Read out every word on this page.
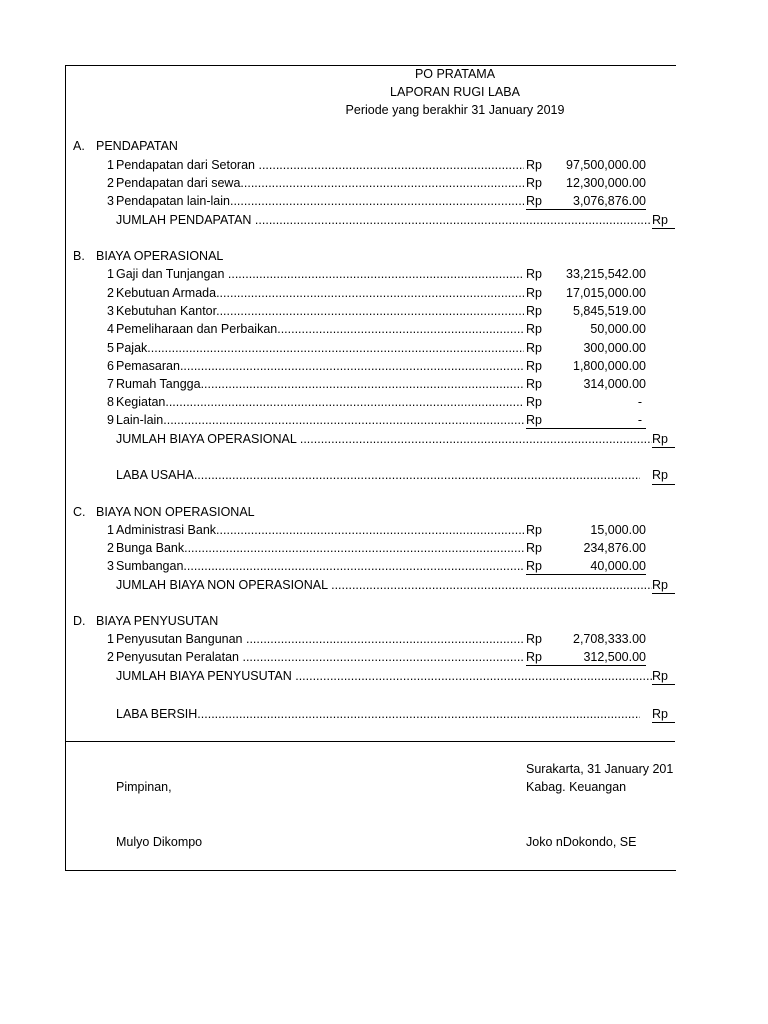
PO PRATAMA
LAPORAN RUGI LABA
Periode yang berakhir 31 January 2019
A. PENDAPATAN
1 Pendapatan dari Setoran .....	Rp	97,500,000.00
2 Pendapatan dari sewa .....	Rp	12,300,000.00
3 Pendapatan lain-lain .....	Rp	3,076,876.00
JUMLAH PENDAPATAN .....	Rp
B. BIAYA OPERASIONAL
1 Gaji dan Tunjangan .....	Rp	33,215,542.00
2 Kebutuan Armada .....	Rp	17,015,000.00
3 Kebutuhan Kantor .....	Rp	5,845,519.00
4 Pemeliharaan dan Perbaikan .....	Rp	50,000.00
5 Pajak .....	Rp	300,000.00
6 Pemasaran .....	Rp	1,800,000.00
7 Rumah Tangga .....	Rp	314,000.00
8 Kegiatan .....	Rp	-
9 Lain-lain .....	Rp	-
JUMLAH BIAYA OPERASIONAL .....	Rp
LABA USAHA .....	Rp
C. BIAYA NON OPERASIONAL
1 Administrasi Bank .....	Rp	15,000.00
2 Bunga Bank .....	Rp	234,876.00
3 Sumbangan .....	Rp	40,000.00
JUMLAH BIAYA NON OPERASIONAL .....	Rp
D. BIAYA PENYUSUTAN
1 Penyusutan Bangunan .....	Rp	2,708,333.00
2 Penyusutan Peralatan .....	Rp	312,500.00
JUMLAH BIAYA PENYUSUTAN .....	Rp
LABA BERSIH .....	Rp
Surakarta, 31 January 201
Pimpinan,	Kabag. Keuangan
Mulyo Dikompo	Joko nDokondo, SE
